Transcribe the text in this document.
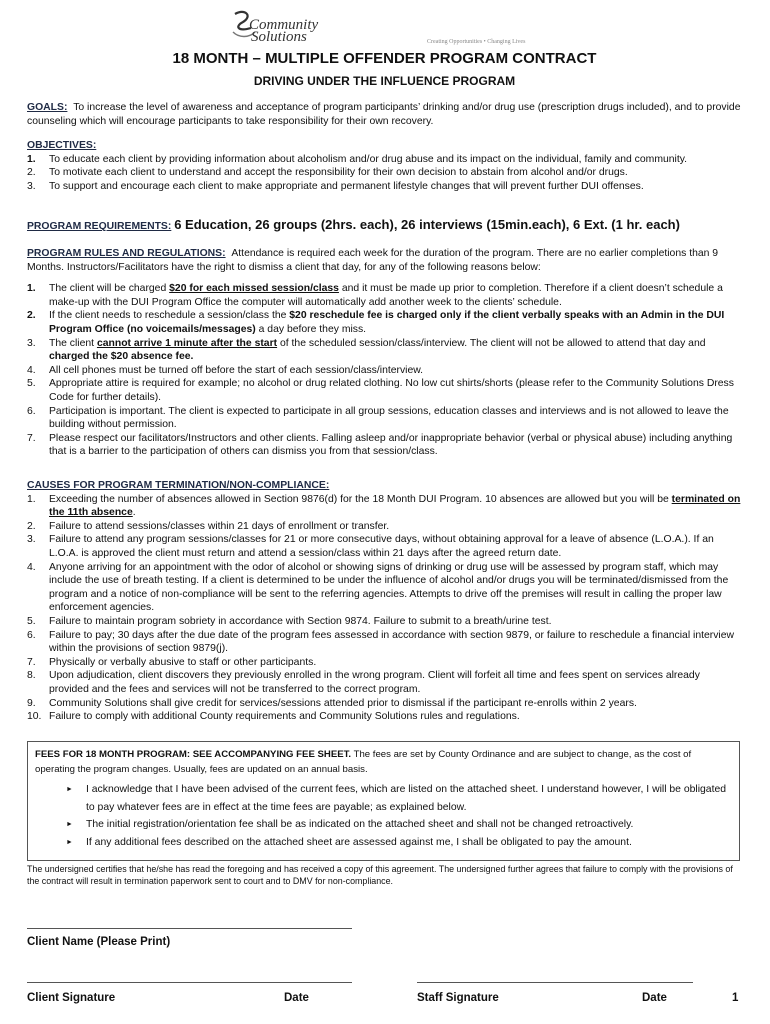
Community
Solutions	Creating Opportunities • Changing Lives
18 MONTH – MULTIPLE OFFENDER PROGRAM CONTRACT
DRIVING UNDER THE INFLUENCE PROGRAM
GOALS: To increase the level of awareness and acceptance of program participants’ drinking and/or drug use (prescription drugs included), and to provide counseling which will encourage participants to take responsibility for their own recovery.
OBJECTIVES:
1. To educate each client by providing information about alcoholism and/or drug abuse and its impact on the individual, family and community.
2. To motivate each client to understand and accept the responsibility for their own decision to abstain from alcohol and/or drugs.
3. To support and encourage each client to make appropriate and permanent lifestyle changes that will prevent further DUI offenses.
PROGRAM REQUIREMENTS: 6 Education, 26 groups (2hrs. each), 26 interviews (15min.each), 6 Ext. (1 hr. each)
PROGRAM RULES AND REGULATIONS: Attendance is required each week for the duration of the program. There are no earlier completions than 9 Months. Instructors/Facilitators have the right to dismiss a client that day, for any of the following reasons below:
1. The client will be charged $20 for each missed session/class and it must be made up prior to completion. Therefore if a client doesn’t schedule a make-up with the DUI Program Office the computer will automatically add another week to the clients’ schedule.
2. If the client needs to reschedule a session/class the $20 reschedule fee is charged only if the client verbally speaks with an Admin in the DUI Program Office (no voicemails/messages) a day before they miss.
3. The client cannot arrive 1 minute after the start of the scheduled session/class/interview. The client will not be allowed to attend that day and charged the $20 absence fee.
4. All cell phones must be turned off before the start of each session/class/interview.
5. Appropriate attire is required for example; no alcohol or drug related clothing. No low cut shirts/shorts (please refer to the Community Solutions Dress Code for further details).
6. Participation is important. The client is expected to participate in all group sessions, education classes and interviews and is not allowed to leave the building without permission.
7. Please respect our facilitators/Instructors and other clients. Falling asleep and/or inappropriate behavior (verbal or physical abuse) including anything that is a barrier to the participation of others can dismiss you from that session/class.
CAUSES FOR PROGRAM TERMINATION/NON-COMPLIANCE:
1. Exceeding the number of absences allowed in Section 9876(d) for the 18 Month DUI Program. 10 absences are allowed but you will be terminated on the 11th absence.
2. Failure to attend sessions/classes within 21 days of enrollment or transfer.
3. Failure to attend any program sessions/classes for 21 or more consecutive days, without obtaining approval for a leave of absence (L.O.A.). If an L.O.A. is approved the client must return and attend a session/class within 21 days after the agreed return date.
4. Anyone arriving for an appointment with the odor of alcohol or showing signs of drinking or drug use will be assessed by program staff, which may include the use of breath testing. If a client is determined to be under the influence of alcohol and/or drugs you will be terminated/dismissed from the program and a notice of non-compliance will be sent to the referring agencies. Attempts to drive off the premises will result in calling the proper law enforcement agencies.
5. Failure to maintain program sobriety in accordance with Section 9874. Failure to submit to a breath/urine test.
6. Failure to pay; 30 days after the due date of the program fees assessed in accordance with section 9879, or failure to reschedule a financial interview within the provisions of section 9879(j).
7. Physically or verbally abusive to staff or other participants.
8. Upon adjudication, client discovers they previously enrolled in the wrong program. Client will forfeit all time and fees spent on services already provided and the fees and services will not be transferred to the correct program.
9. Community Solutions shall give credit for services/sessions attended prior to dismissal if the participant re-enrolls within 2 years.
10. Failure to comply with additional County requirements and Community Solutions rules and regulations.
FEES FOR 18 MONTH PROGRAM: SEE ACCOMPANYING FEE SHEET. The fees are set by County Ordinance and are subject to change, as the cost of operating the program changes. Usually, fees are updated on an annual basis.
► I acknowledge that I have been advised of the current fees, which are listed on the attached sheet. I understand however, I will be obligated to pay whatever fees are in effect at the time fees are payable; as explained below.
► The initial registration/orientation fee shall be as indicated on the attached sheet and shall not be changed retroactively.
► If any additional fees described on the attached sheet are assessed against me, I shall be obligated to pay the amount.
The undersigned certifies that he/she has read the foregoing and has received a copy of this agreement. The undersigned further agrees that failure to comply with the provisions of the contract will result in termination paperwork sent to court and to DMV for non-compliance.
Client Name (Please Print)
Client Signature	Date	Staff Signature	Date	1
